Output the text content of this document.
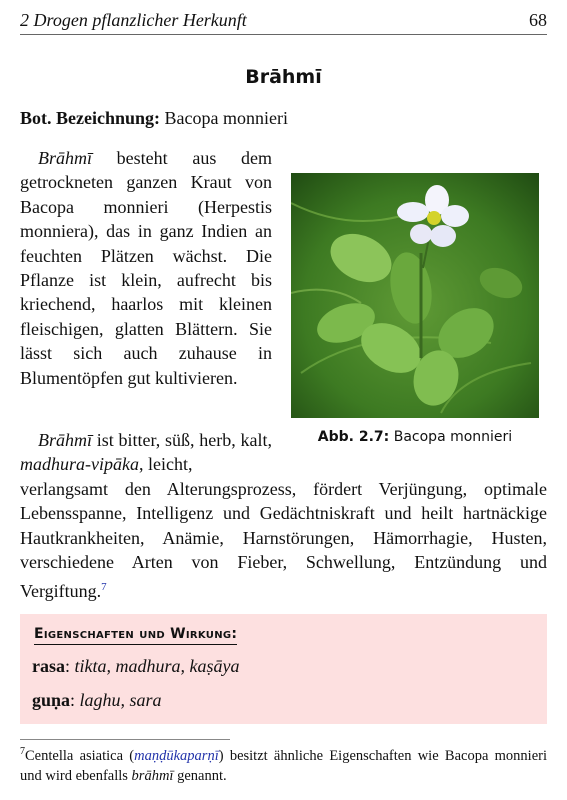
2 Drogen pflanzlicher Herkunft	68
Brāhmī
Bot. Bezeichnung: Bacopa monnieri
Brāhmī besteht aus dem getrockneten ganzen Kraut von Bacopa monnieri (Herpestis monniera), das in ganz Indien an feuchten Plätzen wächst. Die Pflanze ist klein, aufrecht bis kriechend, haarlos mit kleinen fleischigen, glatten Blättern. Sie lässt sich auch zuhause in Blumentöpfen gut kultivieren.
Brāhmī ist bitter, süß, herb, kalt, madhura-vipāka, leicht,
Abb. 2.7: Bacopa monnieri
verlangsamt den Alterungsprozess, fördert Verjüngung, optimale Lebensspanne, Intelligenz und Gedächtniskraft und heilt hartnäckige Hautkrankheiten, Anämie, Harnstörungen, Hämorrhagie, Husten, verschiedene Arten von Fieber, Schwellung, Entzündung und Vergiftung.$^7$
Eigenschaften und Wirkung:
rasa: tikta, madhura, kaṣāya
guṇa: laghu, sara
$^7$Centella asiatica (maṇḍūkaparṇī) besitzt ähnliche Eigenschaften wie Bacopa monnieri und wird ebenfalls brāhmī genannt.
